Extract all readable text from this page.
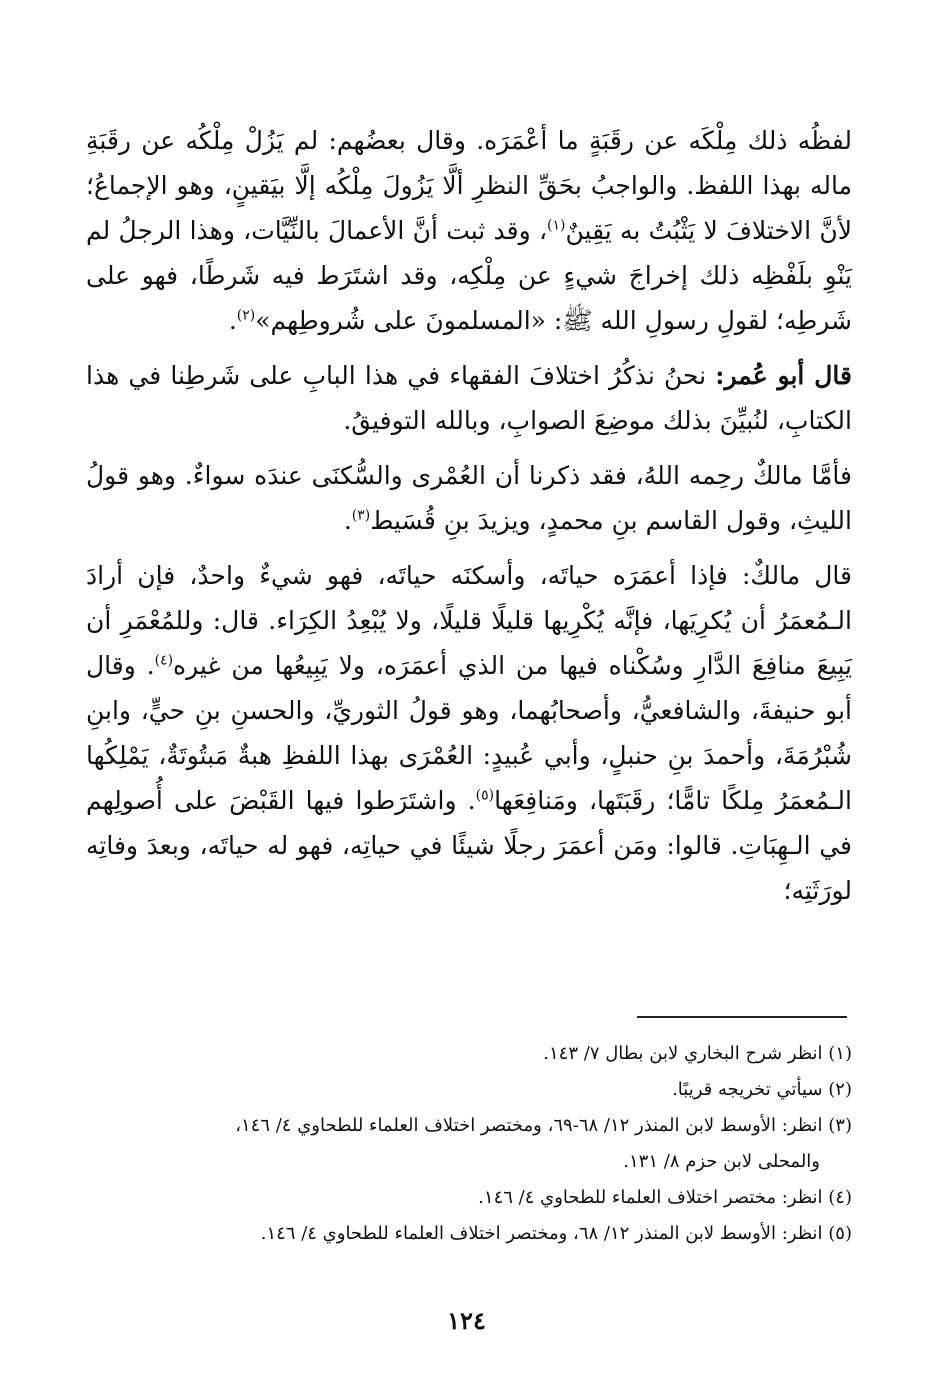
لفظُه ذلك مِلْكَه عن رقَبَةٍ ما أعْمَرَه. وقال بعضُهم: لم يَزُلْ مِلْكُه عن رقَبَةِ ماله بهذا اللفظ. والواجبُ بحَقِّ النظرِ ألَّا يَزُولَ مِلْكُه إلَّا بيَقينٍ، وهو الإجماعُ؛ لأنَّ الاختلافَ لا يَثْبُتُ به يَقِينٌ$^{(١)}$، وقد ثبت أنَّ الأعمالَ بالنِّيَّات، وهذا الرجلُ لم يَنْوِ بلَفْظِه ذلك إخراجَ شيءٍ عن مِلْكِه، وقد اشتَرَط فيه شَرطًا، فهو على شَرطِه؛ لقولِ رسولِ الله ﷺ: «المسلمونَ على شُروطِهم»$^{(٢)}$.

قال أبو عُمر: نحنُ نذكُرُ اختلافَ الفقهاء في هذا البابِ على شَرطِنا في هذا الكتابِ، لنُبيِّنَ بذلك موضِعَ الصوابِ، وبالله التوفيقُ.

فأمَّا مالكٌ رحِمه اللهُ، فقد ذكرنا أن العُمْرى والسُّكنَى عندَه سواءٌ. وهو قولُ الليثِ، وقول القاسم بنِ محمدٍ، ويزيدَ بنِ قُسَيط$^{(٣)}$.

قال مالكٌ: فإذا أعمَرَه حياتَه، وأسكنَه حياتَه، فهو شيءٌ واحدٌ، فإن أرادَ الـمُعمَرُ أن يُكرِيَها، فإنَّه يُكْرِيها قليلًا قليلًا، ولا يُبْعِدُ الكِرَاء. قال: وللمُعْمَرِ أن يَبِيعَ منافِعَ الدَّارِ وسُكْناه فيها من الذي أعمَرَه، ولا يَبِيعُها من غيره$^{(٤)}$. وقال أبو حنيفةَ، والشافعيُّ، وأصحابُهما، وهو قولُ الثوريِّ، والحسنِ بنِ حيٍّ، وابنِ شُبْرُمَةَ، وأحمدَ بنِ حنبلٍ، وأبي عُبيدٍ: العُمْرَى بهذا اللفظِ هبةٌ مَبتُوتَةٌ، يَمْلِكُها الـمُعمَرُ مِلكًا تامًّا؛ رقَبَتَها، ومَنافِعَها$^{(٥)}$. واشتَرَطوا فيها القَبْضَ على أُصولِهم في الـهِبَاتِ. قالوا: ومَن أعمَرَ رجلًا شيئًا في حياتِه، فهو له حياتَه، وبعدَ وفاتِه لورَثَتِه؛

(١) انظر شرح البخاري لابن بطال ٧/ ١٤٣.

(٢) سيأتي تخريجه قريبًا.

(٣) انظر: الأوسط لابن المنذر ١٢/ ٦٨-٦٩، ومختصر اختلاف العلماء للطحاوي ٤/ ١٤٦،

والمحلى لابن حزم ٨/ ١٣١.

(٤) انظر: مختصر اختلاف العلماء للطحاوي ٤/ ١٤٦.

(٥) انظر: الأوسط لابن المنذر ١٢/ ٦٨، ومختصر اختلاف العلماء للطحاوي ٤/ ١٤٦.

١٢٤
